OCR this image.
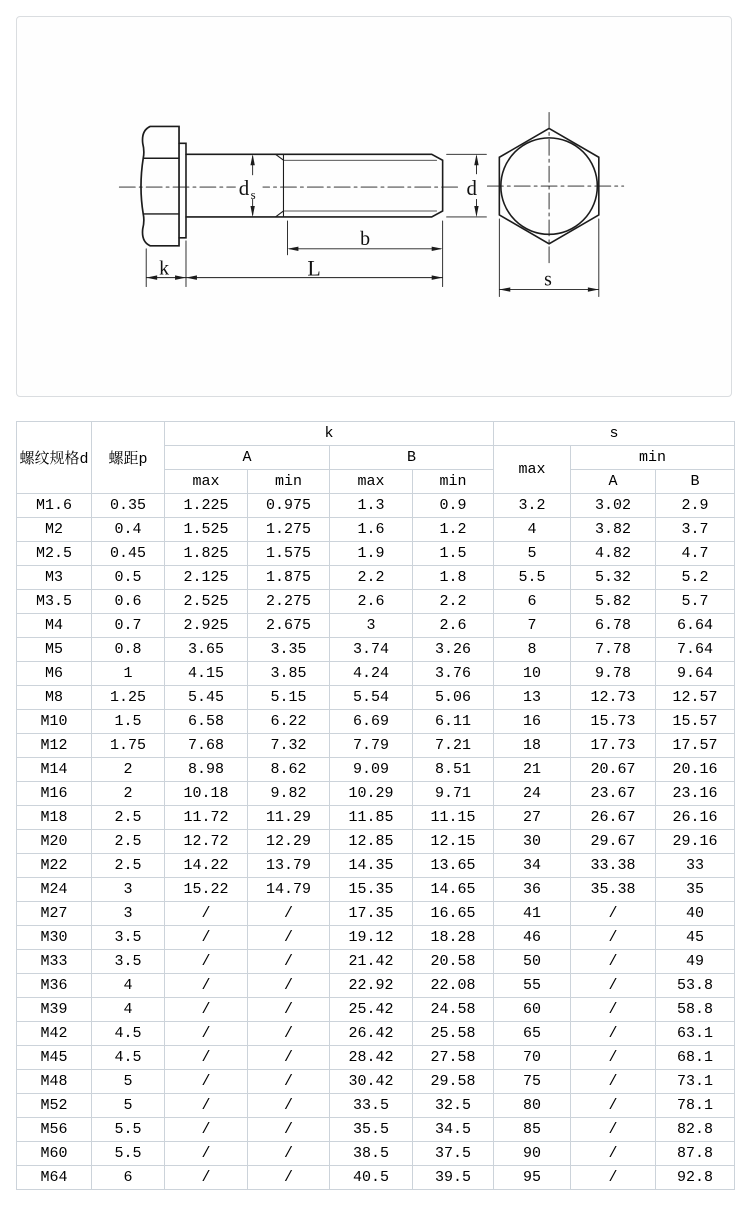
d s	d
b
k	L	s
螺纹规格d	螺距p	k				s		
		A		B		max	min	
		max	min	max	min		A	B
M1.6	0.35	1.225	0.975	1.3	0.9	3.2	3.02	2.9
M2	0.4	1.525	1.275	1.6	1.2	4	3.82	3.7
M2.5	0.45	1.825	1.575	1.9	1.5	5	4.82	4.7
M3	0.5	2.125	1.875	2.2	1.8	5.5	5.32	5.2
M3.5	0.6	2.525	2.275	2.6	2.2	6	5.82	5.7
M4	0.7	2.925	2.675	3	2.6	7	6.78	6.64
M5	0.8	3.65	3.35	3.74	3.26	8	7.78	7.64
M6	1	4.15	3.85	4.24	3.76	10	9.78	9.64
M8	1.25	5.45	5.15	5.54	5.06	13	12.73	12.57
M10	1.5	6.58	6.22	6.69	6.11	16	15.73	15.57
M12	1.75	7.68	7.32	7.79	7.21	18	17.73	17.57
M14	2	8.98	8.62	9.09	8.51	21	20.67	20.16
M16	2	10.18	9.82	10.29	9.71	24	23.67	23.16
M18	2.5	11.72	11.29	11.85	11.15	27	26.67	26.16
M20	2.5	12.72	12.29	12.85	12.15	30	29.67	29.16
M22	2.5	14.22	13.79	14.35	13.65	34	33.38	33
M24	3	15.22	14.79	15.35	14.65	36	35.38	35
M27	3	/	/	17.35	16.65	41	/	40
M30	3.5	/	/	19.12	18.28	46	/	45
M33	3.5	/	/	21.42	20.58	50	/	49
M36	4	/	/	22.92	22.08	55	/	53.8
M39	4	/	/	25.42	24.58	60	/	58.8
M42	4.5	/	/	26.42	25.58	65	/	63.1
M45	4.5	/	/	28.42	27.58	70	/	68.1
M48	5	/	/	30.42	29.58	75	/	73.1
M52	5	/	/	33.5	32.5	80	/	78.1
M56	5.5	/	/	35.5	34.5	85	/	82.8
M60	5.5	/	/	38.5	37.5	90	/	87.8
M64	6	/	/	40.5	39.5	95	/	92.8
